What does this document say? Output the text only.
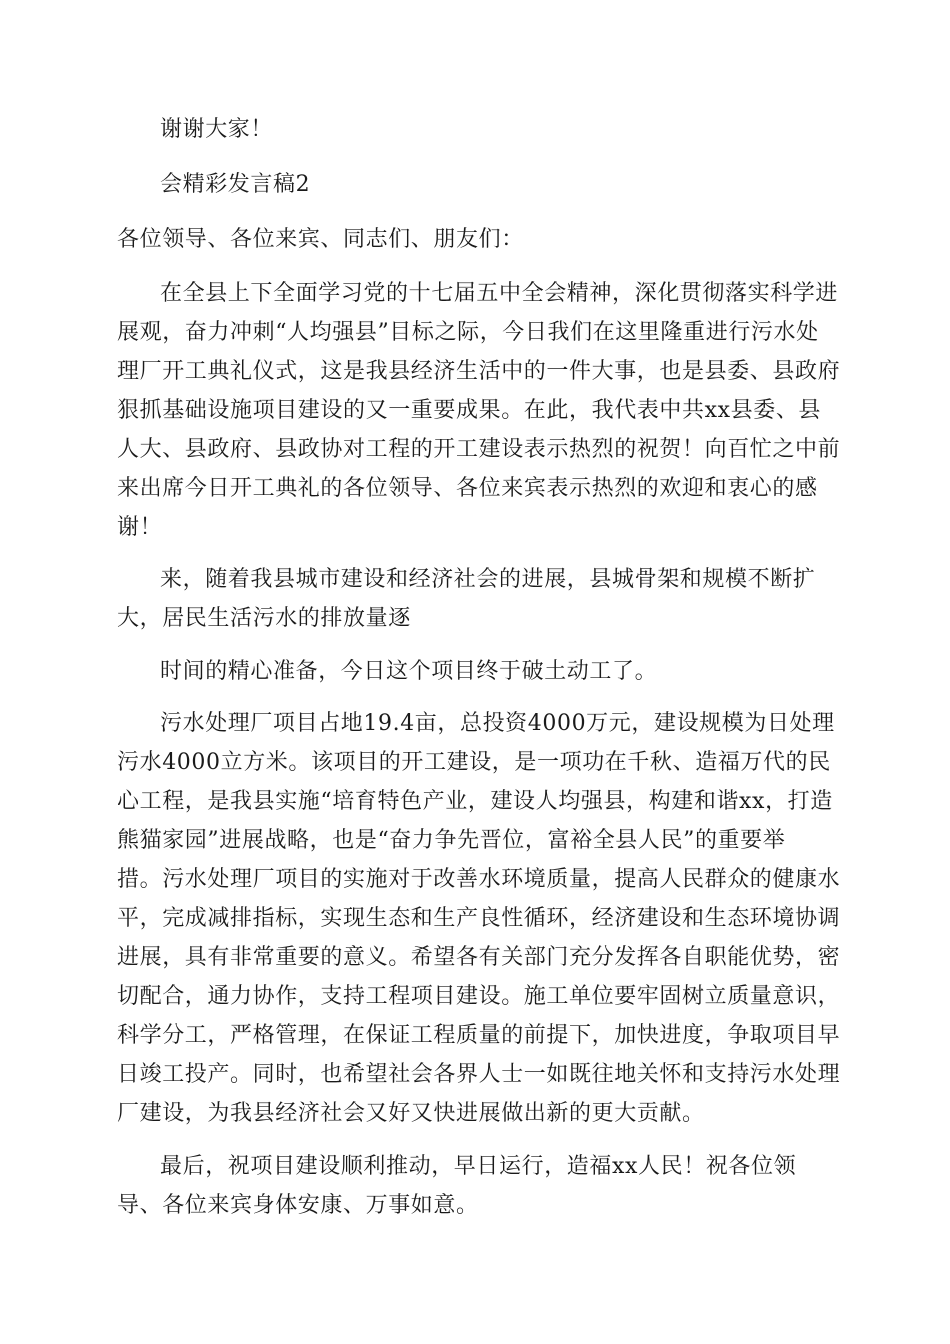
谢谢大家！
会精彩发言稿2
各位领导、各位来宾、同志们、朋友们：
在全县上下全面学习党的十七届五中全会精神，深化贯彻落实科学进
展观，奋力冲刺“人均强县”目标之际，今日我们在这里隆重进行污水处
理厂开工典礼仪式，这是我县经济生活中的一件大事，也是县委、县政府
狠抓基础设施项目建设的又一重要成果。在此，我代表中共xx县委、县
人大、县政府、县政协对工程的开工建设表示热烈的祝贺！向百忙之中前
来出席今日开工典礼的各位领导、各位来宾表示热烈的欢迎和衷心的感
谢！
来，随着我县城市建设和经济社会的进展，县城骨架和规模不断扩
大，居民生活污水的排放量逐
时间的精心准备，今日这个项目终于破土动工了。
污水处理厂项目占地19.4亩，总投资4000万元，建设规模为日处理
污水4000立方米。该项目的开工建设，是一项功在千秋、造福万代的民
心工程，是我县实施“培育特色产业，建设人均强县，构建和谐xx，打造
熊猫家园”进展战略，也是“奋力争先晋位，富裕全县人民”的重要举
措。污水处理厂项目的实施对于改善水环境质量，提高人民群众的健康水
平，完成减排指标，实现生态和生产良性循环，经济建设和生态环境协调
进展，具有非常重要的意义。希望各有关部门充分发挥各自职能优势，密
切配合，通力协作，支持工程项目建设。施工单位要牢固树立质量意识，
科学分工，严格管理，在保证工程质量的前提下，加快进度，争取项目早
日竣工投产。同时，也希望社会各界人士一如既往地关怀和支持污水处理
厂建设，为我县经济社会又好又快进展做出新的更大贡献。
最后，祝项目建设顺利推动，早日运行，造福xx人民！祝各位领
导、各位来宾身体安康、万事如意。
